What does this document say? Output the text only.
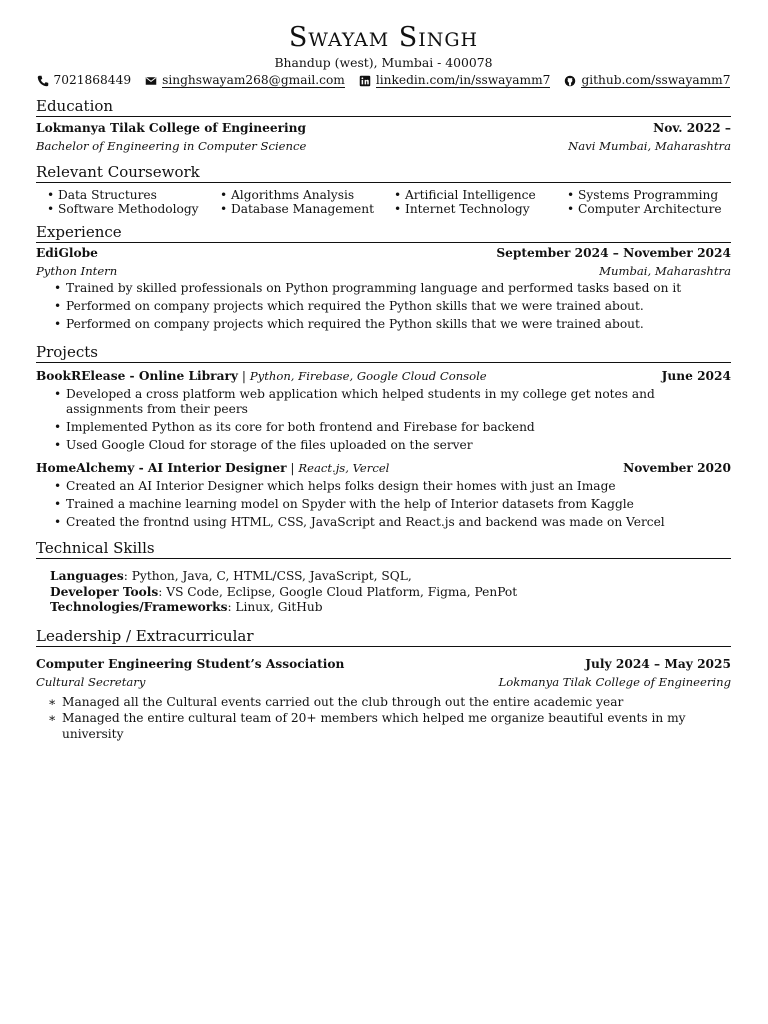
Swayam Singh
Bhandup (west), Mumbai - 400078
7021868449	singhswayam268@gmail.com	linkedin.com/in/sswayamm7	github.com/sswayamm7
Education
Lokmanya Tilak College of Engineering	Nov. 2022 –
Bachelor of Engineering in Computer Science	Navi Mumbai, Maharashtra
Relevant Coursework
• Data Structures	• Algorithms Analysis	• Artificial Intelligence	• Systems Programming
• Software Methodology	• Database Management	• Internet Technology	• Computer Architecture
Experience
EdiGlobe	September 2024 – November 2024
Python Intern	Mumbai, Maharashtra
• Trained by skilled professionals on Python programming language and performed tasks based on it
• Performed on company projects which required the Python skills that we were trained about.
• Performed on company projects which required the Python skills that we were trained about.
Projects
BookRElease - Online Library | Python, Firebase, Google Cloud Console	June 2024
• Developed a cross platform web application which helped students in my college get notes and assignments from their peers
• Implemented Python as its core for both frontend and Firebase for backend
• Used Google Cloud for storage of the files uploaded on the server
HomeAlchemy - AI Interior Designer | React.js, Vercel	November 2020
• Created an AI Interior Designer which helps folks design their homes with just an Image
• Trained a machine learning model on Spyder with the help of Interior datasets from Kaggle
• Created the frontnd using HTML, CSS, JavaScript and React.js and backend was made on Vercel
Technical Skills
Languages: Python, Java, C, HTML/CSS, JavaScript, SQL,
Developer Tools: VS Code, Eclipse, Google Cloud Platform, Figma, PenPot
Technologies/Frameworks: Linux, GitHub
Leadership / Extracurricular
Computer Engineering Student’s Association	July 2024 – May 2025
Cultural Secretary	Lokmanya Tilak College of Engineering
∗ Managed all the Cultural events carried out the club through out the entire academic year
∗ Managed the entire cultural team of 20+ members which helped me organize beautiful events in my university
